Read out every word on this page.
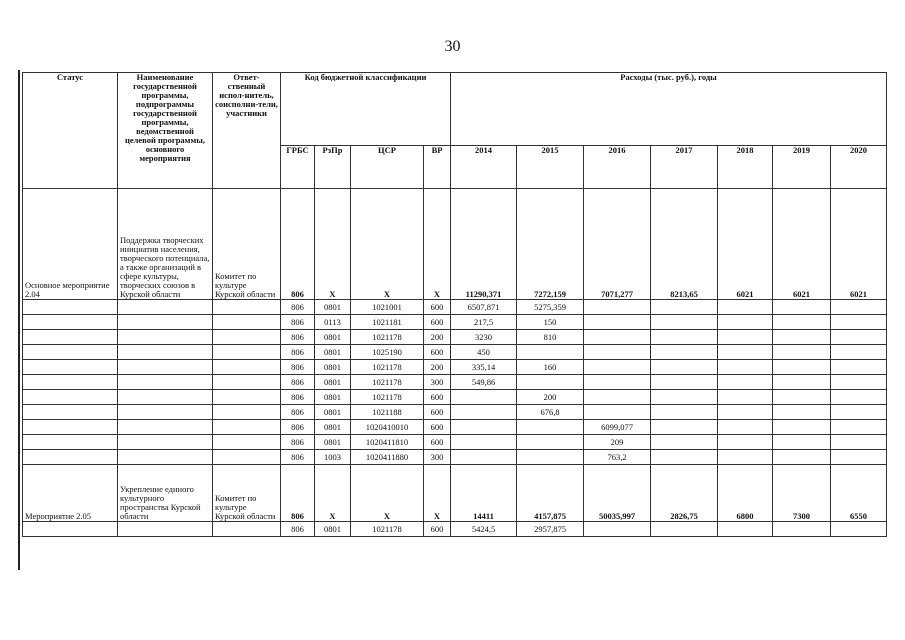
30
Статус	Наименование государственной программы, подпрограммы государственной программы, ведомственной целевой программы, основного мероприятия	Ответ-ственный испол-нитель, соисполни-тели, участники	Код бюджетной классификации				Расходы (тыс. руб.), годы						
			ГРБС	РзПр	ЦСР	ВР	2014	2015	2016	2017	2018	2019	2020
Основное мероприятие 2.04	Поддержка творческих инициатив населения, творческого потенциала, а также организаций в сфере культуры, творческих союзов в Курской области	Комитет по культуре Курской области	806	Х	Х	Х	11290,371	7272,159	7071,277	8213,65	6021	6021	6021
			806	0801	1021001	600	6507,871	5275,359					
			806	0113	1021181	600	217,5	150					
			806	0801	1021178	200	3230	810					
			806	0801	1025190	600	450						
			806	0801	1021178	200	335,14	160					
			806	0801	1021178	300	549,86						
			806	0801	1021178	600		200					
			806	0801	1021188	600		676,8					
			806	0801	1020410010	600			6099,077				
			806	0801	1020411810	600			209				
			806	1003	1020411880	300			763,2				
Мероприятие 2.05	Укрепление единого культурного пространства Курской области	Комитет по культуре Курской области	806	Х	Х	Х	14411	4157,875	50035,997	2826,75	6800	7300	6550
			806	0801	1021178	600	5424,5	2957,875					
